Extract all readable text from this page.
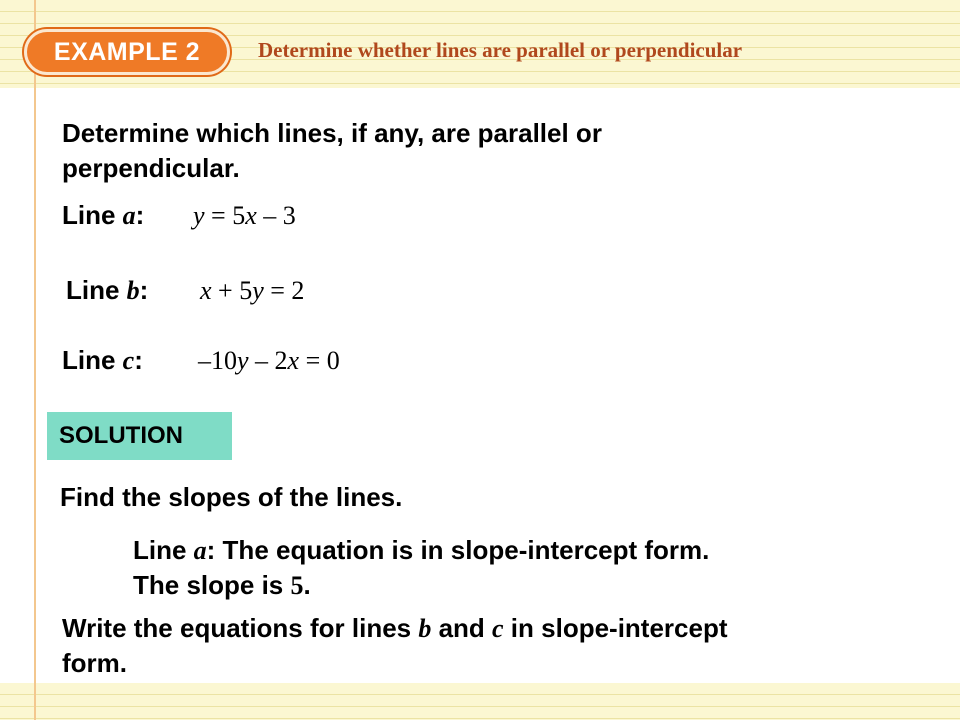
EXAMPLE 2	Determine whether lines are parallel or perpendicular
Determine which lines, if any, are parallel or
perpendicular.
Line a: y = 5x – 3
Line b: x + 5y = 2
Line c: –10y – 2x = 0
SOLUTION
Find the slopes of the lines.
Line a: The equation is in slope-intercept form.
The slope is 5.
Write the equations for lines b and c in slope-intercept
form.
